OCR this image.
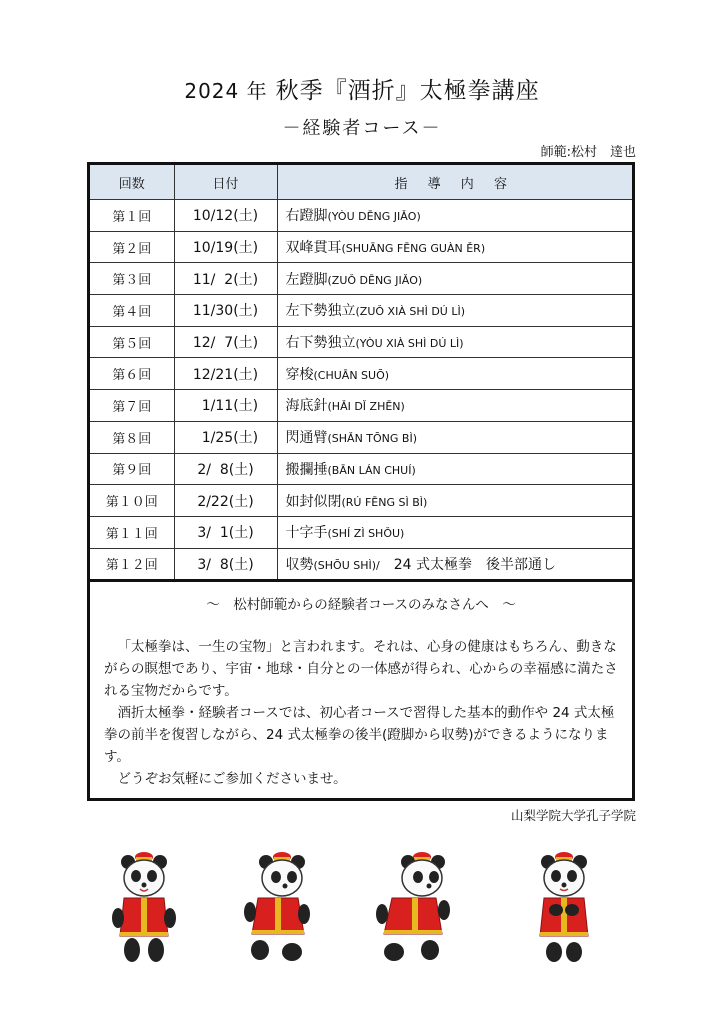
2024 年 秋季『酒折』太極拳講座
－経験者コース－
師範:松村　達也
回数	日付	指 導 内 容
第１回	10/12(土)	右蹬脚(YÒU DĒNG JIǍO)
第２回	10/19(土)	双峰貫耳(SHUĀNG FĒNG GUÀN ĚR)
第３回	11/  2(土)	左蹬脚(ZUǑ DĒNG JIǍO)
第４回	11/30(土)	左下勢独立(ZUǑ XIÀ SHÌ DÚ LÌ)
第５回	12/  7(土)	右下勢独立(YÒU XIÀ SHÌ DÚ LÌ)
第６回	12/21(土)	穿梭(CHUĀN SUŌ)
第７回	1/11(土)	海底針(HǍI DǏ ZHĒN)
第８回	1/25(土)	閃通臂(SHǍN TŌNG BÌ)
第９回	2/  8(土)	搬攔捶(BĀN LÁN CHUÍ)
第１０回	2/22(土)	如封似閉(RÚ FĒNG SÌ BÌ)
第１１回	3/  1(土)	十字手(SHÍ ZÌ SHǑU)
第１２回	3/  8(土)	収勢(SHŌU SHÌ)/　24 式太極拳　後半部通し
～　松村師範からの経験者コースのみなさんへ　～

「太極拳は、一生の宝物」と言われます。それは、心身の健康はもちろん、動きながらの瞑想であり、宇宙・地球・自分との一体感が得られ、心からの幸福感に満たされる宝物だからです。

酒折太極拳・経験者コースでは、初心者コースで習得した基本的動作や 24 式太極拳の前半を復習しながら、24 式太極拳の後半(蹬脚から収勢)ができるようになります。

どうぞお気軽にご参加くださいませ。

山梨学院大学孔子学院
